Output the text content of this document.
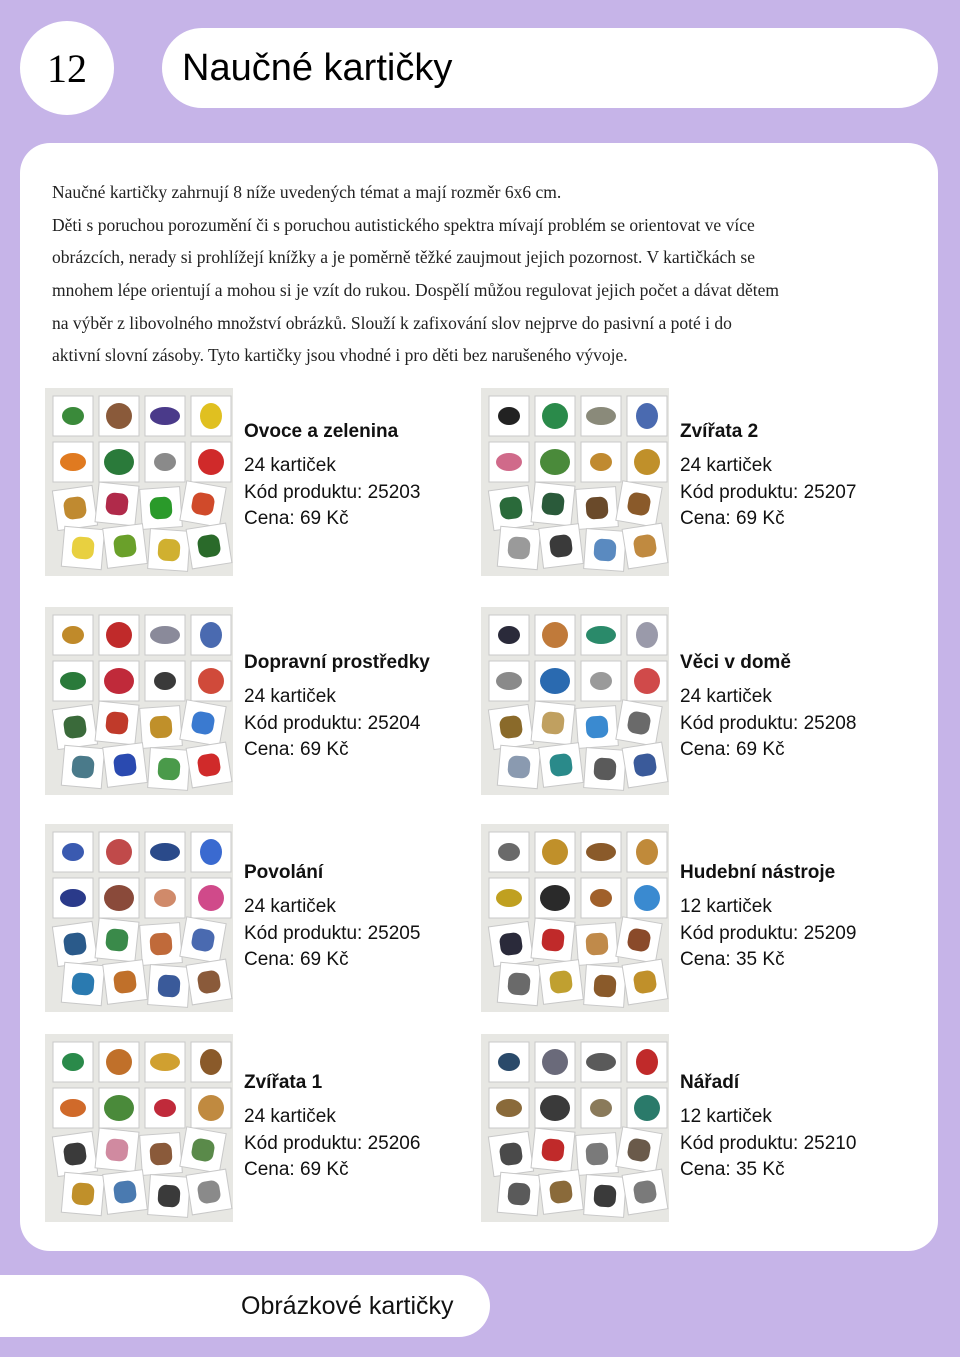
12	Naučné kartičky
Naučné kartičky zahrnují 8 níže uvedených témat a mají rozměr 6x6 cm.
Děti s poruchou porozumění či s poruchou autistického spektra mívají problém se orientovat ve více
obrázcích, nerady si prohlížejí knížky a je poměrně těžké zaujmout jejich pozornost. V kartičkách se
mnohem lépe orientují a mohou si je vzít do rukou. Dospělí můžou regulovat jejich počet a dávat dětem
na výběr z libovolného množství obrázků. Slouží k zafixování slov nejprve do pasivní a poté i do
aktivní slovní zásoby. Tyto kartičky jsou vhodné i pro děti bez narušeného vývoje.
Ovoce a zelenina
24 kartiček
Kód produktu: 25203
Cena: 69 Kč
Zvířata 2
24 kartiček
Kód produktu: 25207
Cena: 69 Kč
Dopravní prostředky
24 kartiček
Kód produktu: 25204
Cena: 69 Kč
Věci v domě
24 kartiček
Kód produktu: 25208
Cena: 69 Kč
Povolání
24 kartiček
Kód produktu: 25205
Cena: 69 Kč
Hudební nástroje
12 kartiček
Kód produktu: 25209
Cena: 35 Kč
Zvířata 1
24 kartiček
Kód produktu: 25206
Cena: 69 Kč
Nářadí
12 kartiček
Kód produktu: 25210
Cena: 35 Kč
Obrázkové kartičky
